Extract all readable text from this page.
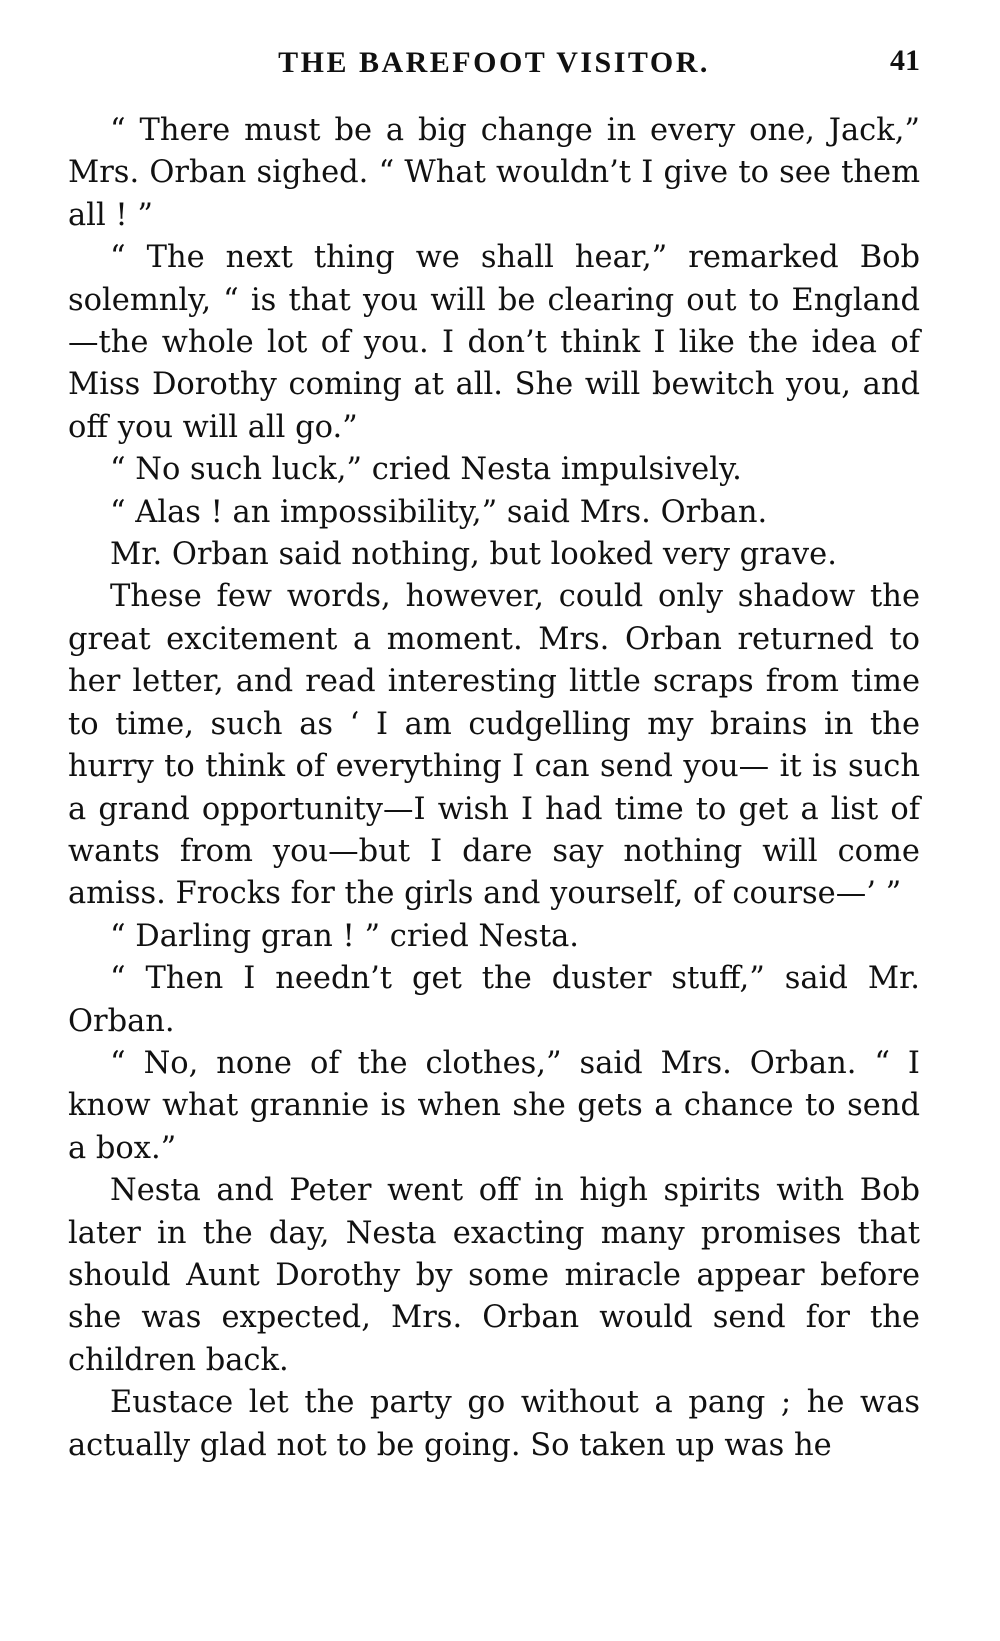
THE BAREFOOT VISITOR.	41

“ There must be a big change in every one, Jack,” Mrs. Orban sighed. “ What wouldn’t I give to see them all ! ”

“ The next thing we shall hear,” remarked Bob solemnly, “ is that you will be clearing out to England —the whole lot of you. I don’t think I like the idea of Miss Dorothy coming at all. She will bewitch you, and off you will all go.”

“ No such luck,” cried Nesta impulsively.

“ Alas ! an impossibility,” said Mrs. Orban.

Mr. Orban said nothing, but looked very grave.

These few words, however, could only shadow the great excitement a moment. Mrs. Orban returned to her letter, and read interesting little scraps from time to time, such as ‘ I am cudgelling my brains in the hurry to think of everything I can send you— it is such a grand opportunity—I wish I had time to get a list of wants from you—but I dare say nothing will come amiss. Frocks for the girls and yourself, of course—’ ”

“ Darling gran ! ” cried Nesta.

“ Then I needn’t get the duster stuff,” said Mr. Orban.

“ No, none of the clothes,” said Mrs. Orban. “ I know what grannie is when she gets a chance to send a box.”

Nesta and Peter went off in high spirits with Bob later in the day, Nesta exacting many promises that should Aunt Dorothy by some miracle appear before she was expected, Mrs. Orban would send for the children back.

Eustace let the party go without a pang ; he was actually glad not to be going. So taken up was he
